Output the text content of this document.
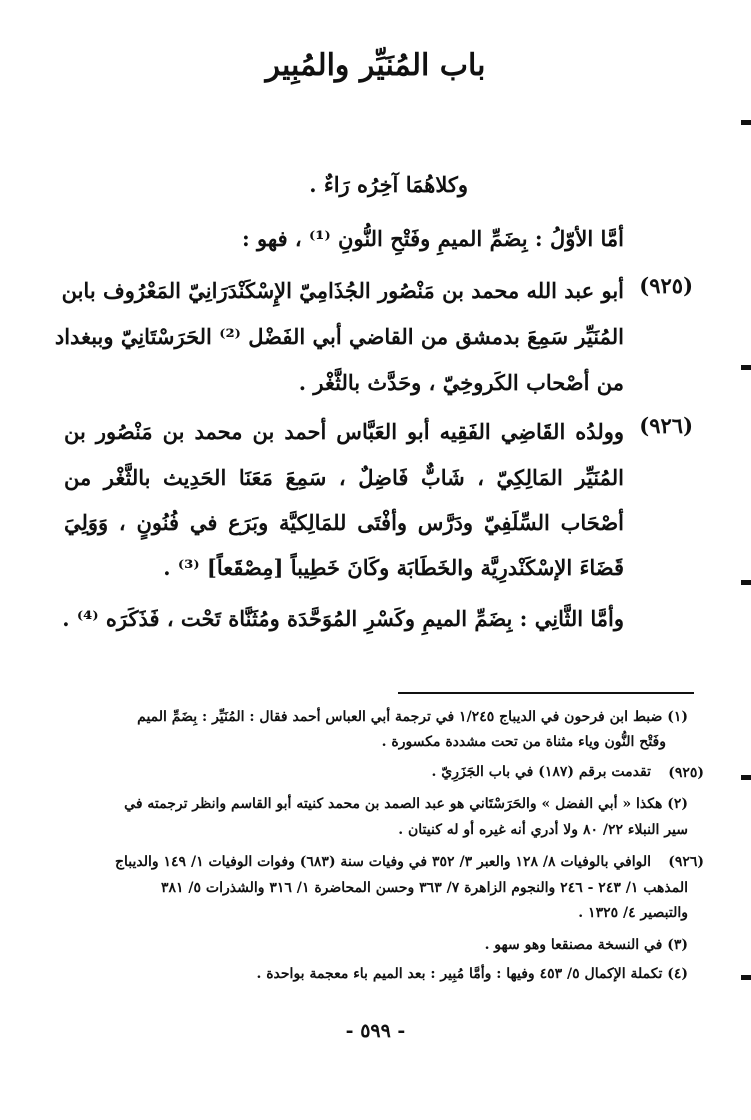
باب المُنَيِّر والمُبِير
وكلاهُمَا آخِرُه رَاءٌ .
أمَّا الأوّلُ : بِضَمِّ الميمِ وفَتْحِ النُّونِ ⁽¹⁾ ، فهو :
(٩٢٥)
أبو عبد الله محمد بن مَنْصُور الجُذَامِيّ الإِسْكَنْدَرَانِيّ المَعْرُوف بابن
المُنَيِّر سَمِعَ بدمشق من القاضي أبي الفَضْل ⁽²⁾ الحَرَسْتَانِيّ وببغداد
من أصْحاب الكَروخِيّ ، وحَدَّث بالثَّغْر .
(٩٢٦)
وولدُه القَاضِي الفَقِيه أبو العَبَّاس أحمد بن محمد بن مَنْصُور بن
المُنَيِّر المَالِكِيّ ، شَابٌّ فَاضِلٌ ، سَمِعَ مَعَنَا الحَدِيث بالثَّغْر من
أصْحَاب السِّلَفِيّ ودَرَّس وأفْتَى للمَالِكيَّة وبَرَع في فُنُونٍ ، وَوَلِيَ
قَضَاءَ الإسْكَنْدرِيَّة والخَطَابَة وكَانَ خَطِيباً [مِصْقَعاً] ⁽³⁾ .
وأمَّا الثَّانِي : بِضَمِّ الميمِ وكَسْرِ المُوَحَّدَة ومُثَنَّاة تَحْت ، فَذَكَرَه ⁽⁴⁾ .
(١) ضبط ابن فرحون في الديباج ١/٢٤٥ في ترجمة أبي العباس أحمد فقال : المُنَيِّر : بِضَمِّ الميم
وفَتْح النُّون وياء مثناة من تحت مشددة مكسورة .
(٩٢٥)
تقدمت برقم (١٨٧) في باب الجَزَرِيّ .
(٢) هكذا « أبي الفضل » والحَرَسْتَاني هو عبد الصمد بن محمد كنيته أبو القاسم وانظر ترجمته في
سير النبلاء ٢٢/ ٨٠ ولا أدري أنه غيره أو له كنيتان .
(٩٢٦)
الوافي بالوفيات ٨/ ١٢٨ والعبر ٣/ ٣٥٢ في وفيات سنة (٦٨٣) وفوات الوفيات ١/ ١٤٩ والديباج
المذهب ١/ ٢٤٣ - ٢٤٦ والنجوم الزاهرة ٧/ ٣٦٣ وحسن المحاضرة ١/ ٣١٦ والشذرات ٥/ ٣٨١
والتبصير ٤/ ١٣٢٥ .
(٣) في النسخة مصنقعا وهو سهو .
(٤) تكملة الإكمال ٥/ ٤٥٣ وفيها : وأمَّا مُبِير : بعد الميم باء معجمة بواحدة .
- ٥٩٩ -
